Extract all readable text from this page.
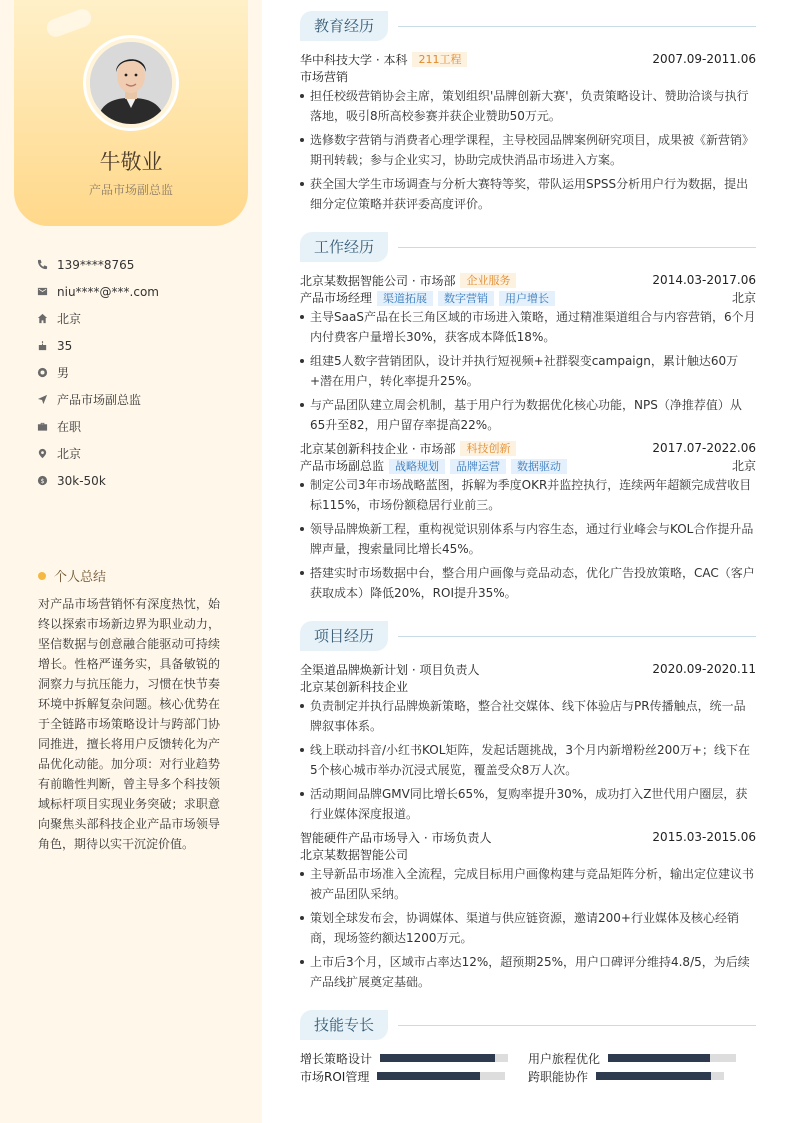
牛敬业
产品市场副总监
139****8765
niu****@***.com
北京
35
男
产品市场副总监
在职
北京
$ 30k-50k
个人总结
对产品市场营销怀有深度热忱，始终以探索市场新边界为职业动力，坚信数据与创意融合能驱动可持续增长。性格严谨务实，具备敏锐的洞察力与抗压能力，习惯在快节奏环境中拆解复杂问题。核心优势在于全链路市场策略设计与跨部门协同推进，擅长将用户反馈转化为产品优化动能。加分项：对行业趋势有前瞻性判断，曾主导多个科技领域标杆项目实现业务突破；求职意向聚焦头部科技企业产品市场领导角色，期待以实干沉淀价值。
教育经历
华中科技大学 · 本科	211工程	2007.09-2011.06
市场营销
担任校级营销协会主席，策划组织'品牌创新大赛'，负责策略设计、赞助洽谈与执行落地，吸引8所高校参赛并获企业赞助50万元。
选修数字营销与消费者心理学课程，主导校园品牌案例研究项目，成果被《新营销》期刊转载；参与企业实习，协助完成快消品市场进入方案。
获全国大学生市场调查与分析大赛特等奖，带队运用SPSS分析用户行为数据，提出细分定位策略并获评委高度评价。
工作经历
北京某数据智能公司 · 市场部	企业服务	2014.03-2017.06
产品市场经理	渠道拓展	数字营销	用户增长	北京
主导SaaS产品在长三角区域的市场进入策略，通过精准渠道组合与内容营销，6个月内付费客户量增长30%，获客成本降低18%。
组建5人数字营销团队，设计并执行短视频+社群裂变campaign，累计触达60万+潜在用户，转化率提升25%。
与产品团队建立周会机制，基于用户行为数据优化核心功能，NPS（净推荐值）从65升至82，用户留存率提高22%。
北京某创新科技企业 · 市场部	科技创新	2017.07-2022.06
产品市场副总监	战略规划	品牌运营	数据驱动	北京
制定公司3年市场战略蓝图，拆解为季度OKR并监控执行，连续两年超额完成营收目标115%，市场份额稳居行业前三。
领导品牌焕新工程，重构视觉识别体系与内容生态，通过行业峰会与KOL合作提升品牌声量，搜索量同比增长45%。
搭建实时市场数据中台，整合用户画像与竞品动态，优化广告投放策略，CAC（客户获取成本）降低20%，ROI提升35%。
项目经历
全渠道品牌焕新计划 · 项目负责人	2020.09-2020.11
北京某创新科技企业
负责制定并执行品牌焕新策略，整合社交媒体、线下体验店与PR传播触点，统一品牌叙事体系。
线上联动抖音/小红书KOL矩阵，发起话题挑战，3个月内新增粉丝200万+；线下在5个核心城市举办沉浸式展览，覆盖受众8万人次。
活动期间品牌GMV同比增长65%，复购率提升30%，成功打入Z世代用户圈层，获行业媒体深度报道。
智能硬件产品市场导入 · 市场负责人	2015.03-2015.06
北京某数据智能公司
主导新品市场准入全流程，完成目标用户画像构建与竞品矩阵分析，输出定位建议书被产品团队采纳。
策划全球发布会，协调媒体、渠道与供应链资源，邀请200+行业媒体及核心经销商，现场签约额达1200万元。
上市后3个月，区域市占率达12%，超预期25%，用户口碑评分维持4.8/5，为后续产品线扩展奠定基础。
技能专长
增长策略设计	用户旅程优化
市场ROI管理	跨职能协作
